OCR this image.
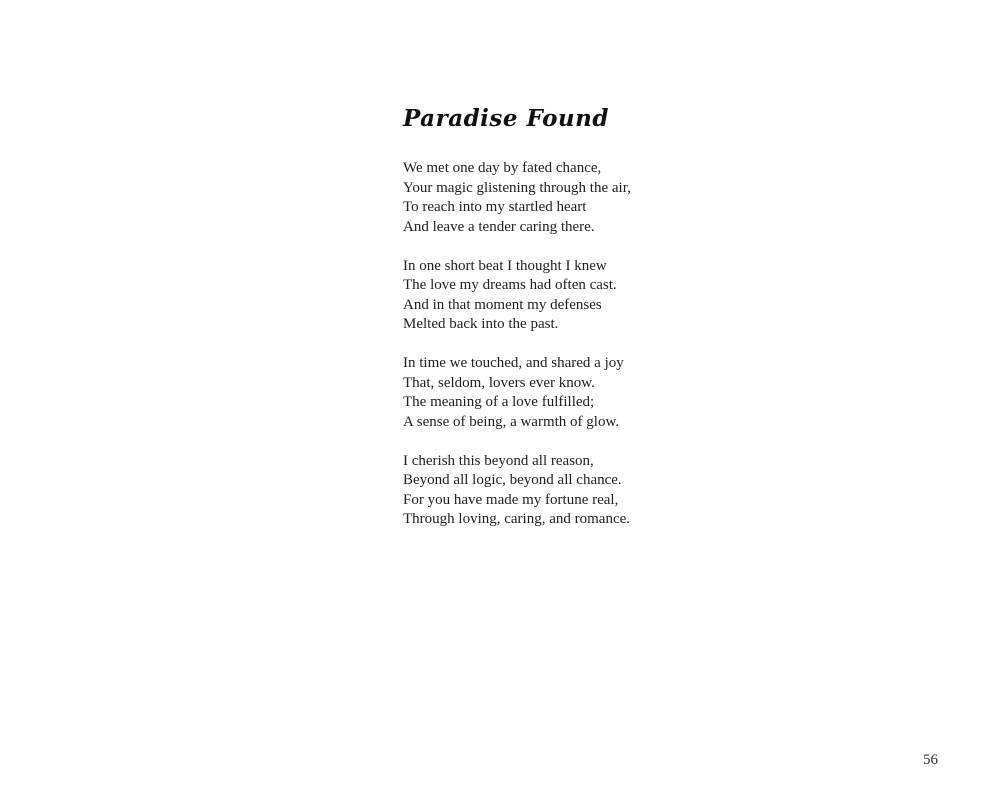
Paradise Found
We met one day by fated chance,
Your magic glistening through the air,
To reach into my startled heart
And leave a tender caring there.
In one short beat I thought I knew
The love my dreams had often cast.
And in that moment my defenses
Melted back into the past.
In time we touched, and shared a joy
That, seldom, lovers ever know.
The meaning of a love fulfilled;
A sense of being, a warmth of glow.
I cherish this beyond all reason,
Beyond all logic, beyond all chance.
For you have made my fortune real,
Through loving, caring, and romance.
56
